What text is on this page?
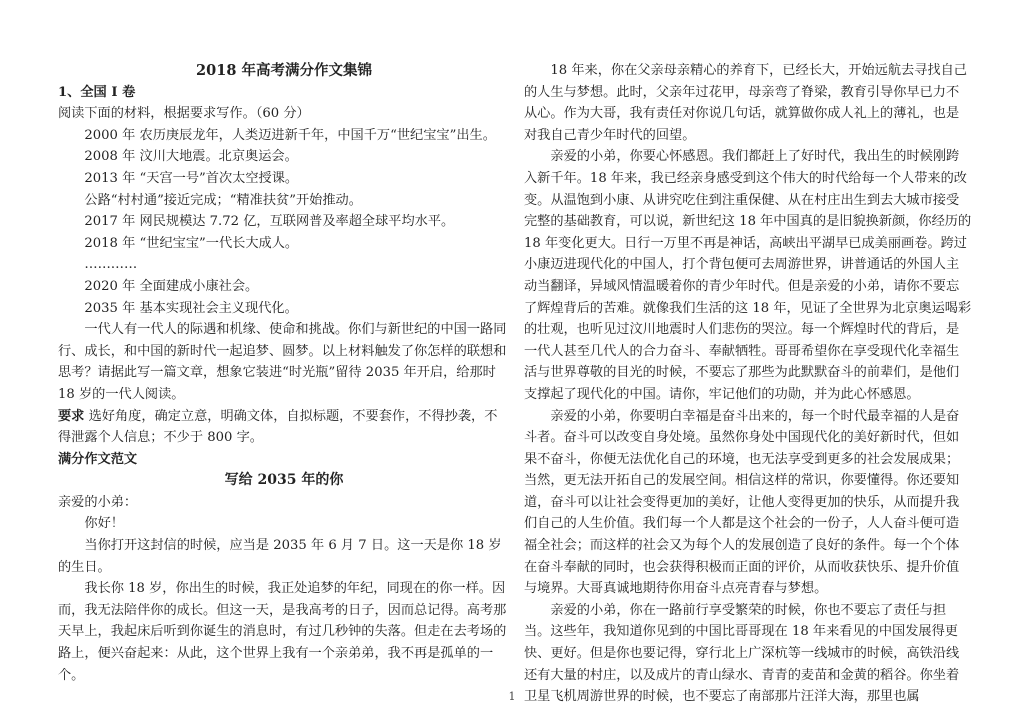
2018 年高考满分作文集锦

1、全国 I 卷

阅读下面的材料，根据要求写作。（60 分）

2000 年 农历庚辰龙年，人类迈进新千年，中国千万“世纪宝宝”出生。

2008 年 汶川大地震。北京奥运会。

2013 年 “天宫一号”首次太空授课。

公路“村村通”接近完成；“精准扶贫”开始推动。

2017 年 网民规模达 7.72 亿，互联网普及率超全球平均水平。

2018 年 “世纪宝宝”一代长大成人。

…………

2020 年 全面建成小康社会。

2035 年 基本实现社会主义现代化。

一代人有一代人的际遇和机缘、使命和挑战。你们与新世纪的中国一路同行、成长，和中国的新时代一起追梦、圆梦。以上材料触发了你怎样的联想和思考？请据此写一篇文章，想象它装进“时光瓶”留待 2035 年开启，给那时 18 岁的一代人阅读。

要求 选好角度，确定立意，明确文体，自拟标题，不要套作，不得抄袭，不得泄露个人信息；不少于 800 字。

满分作文范文

写给 2035 年的你

亲爱的小弟：

你好！

当你打开这封信的时候，应当是 2035 年 6 月 7 日。这一天是你 18 岁的生日。

我长你 18 岁，你出生的时候，我正处追梦的年纪，同现在的你一样。因而，我无法陪伴你的成长。但这一天，是我高考的日子，因而总记得。高考那天早上，我起床后听到你诞生的消息时，有过几秒钟的失落。但走在去考场的路上，便兴奋起来：从此，这个世界上我有一个亲弟弟，我不再是孤单的一个。

18 年来，你在父亲母亲精心的养育下，已经长大，开始远航去寻找自己的人生与梦想。此时，父亲年过花甲，母亲弯了脊梁，教育引导你早已力不从心。作为大哥，我有责任对你说几句话，就算做你成人礼上的薄礼，也是对我自己青少年时代的回望。

亲爱的小弟，你要心怀感恩。我们都赶上了好时代，我出生的时候刚跨入新千年。18 年来，我已经亲身感受到这个伟大的时代给每一个人带来的改变。从温饱到小康、从讲究吃住到注重保健、从在村庄出生到去大城市接受完整的基础教育，可以说，新世纪这 18 年中国真的是旧貌换新颜，你经历的 18 年变化更大。日行一万里不再是神话，高峡出平湖早已成美丽画卷。跨过小康迈进现代化的中国人，打个背包便可去周游世界，讲普通话的外国人主动当翻译，异域风情温暖着你的青少年时代。但是亲爱的小弟，请你不要忘了辉煌背后的苦难。就像我们生活的这 18 年，见证了全世界为北京奥运喝彩的壮观，也听见过汶川地震时人们悲伤的哭泣。每一个辉煌时代的背后，是一代人甚至几代人的合力奋斗、奉献牺牲。哥哥希望你在享受现代化幸福生活与世界尊敬的目光的时候，不要忘了那些为此默默奋斗的前辈们，是他们支撑起了现代化的中国。请你，牢记他们的功勋，并为此心怀感恩。

亲爱的小弟，你要明白幸福是奋斗出来的，每一个时代最幸福的人是奋斗者。奋斗可以改变自身处境。虽然你身处中国现代化的美好新时代，但如果不奋斗，你便无法优化自己的环境，也无法享受到更多的社会发展成果；当然，更无法开拓自己的发展空间。相信这样的常识，你要懂得。你还要知道，奋斗可以让社会变得更加的美好，让他人变得更加的快乐，从而提升我们自己的人生价值。我们每一个人都是这个社会的一份子，人人奋斗便可造福全社会；而这样的社会又为每个人的发展创造了良好的条件。每一个个体在奋斗奉献的同时，也会获得积极而正面的评价，从而收获快乐、提升价值与境界。大哥真诚地期待你用奋斗点亮青春与梦想。

亲爱的小弟，你在一路前行享受繁荣的时候，你也不要忘了责任与担当。这些年，我知道你见到的中国比哥哥现在 18 年来看见的中国发展得更快、更好。但是你也要记得，穿行北上广深杭等一线城市的时候，高铁沿线还有大量的村庄，以及成片的青山绿水、青青的麦苗和金黄的稻谷。你坐着卫星飞机周游世界的时候，也不要忘了南部那片汪洋大海，那里也属

1
